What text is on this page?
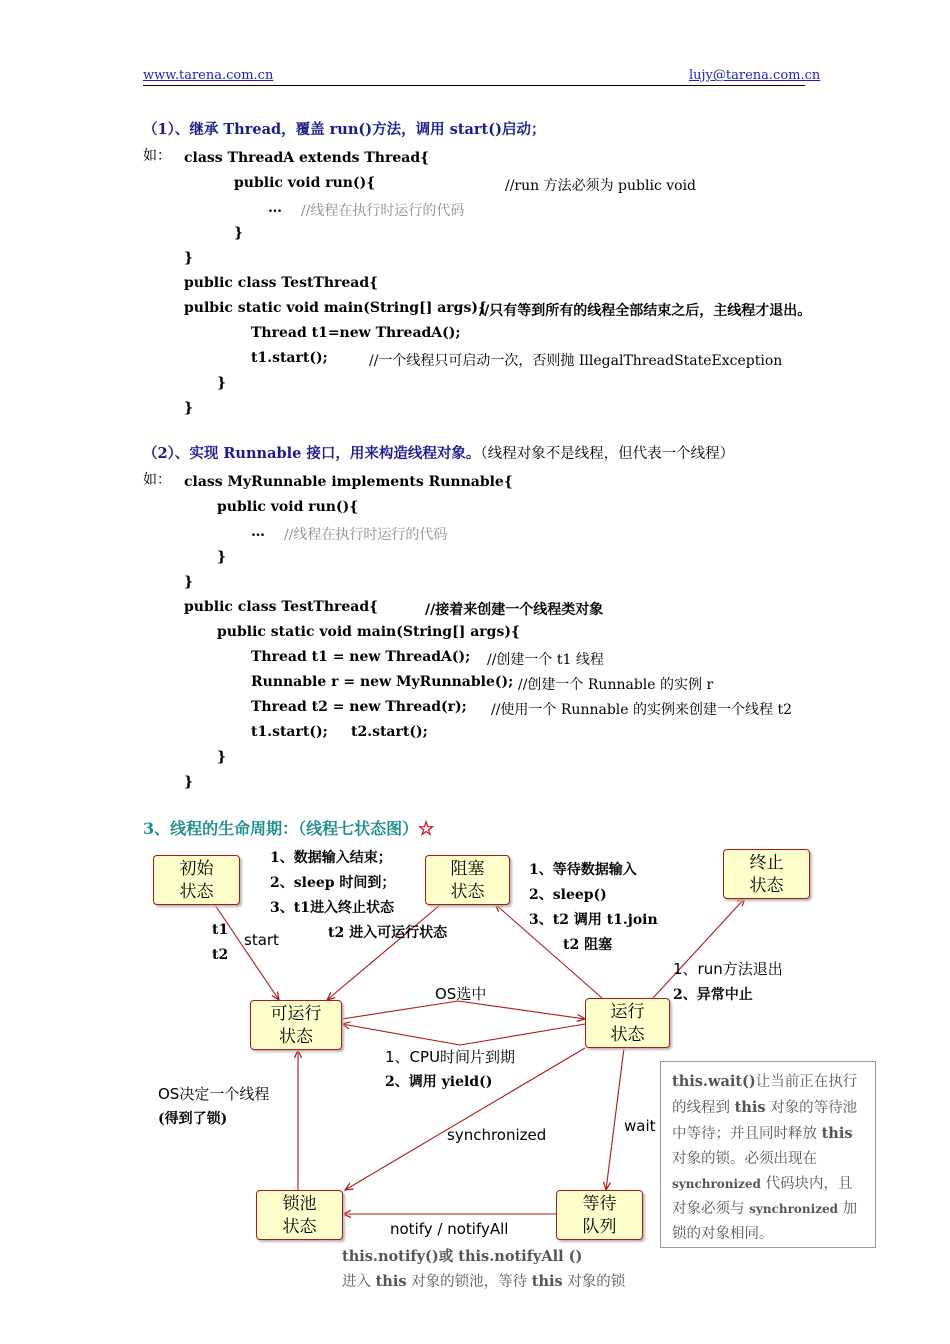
www.tarena.com.cn	lujy@tarena.com.cn
（1）、继承 Thread，覆盖 run()方法，调用 start()启动；
如： class ThreadA extends Thread{
public void run(){	//run 方法必须为 public void
… //线程在执行时运行的代码
}
}
public class TestThread{
pulbic static void main(String[] args){
//只有等到所有的线程全部结束之后，主线程才退出。
Thread t1=new ThreadA();
t1.start();	//一个线程只可启动一次，否则抛 IllegalThreadStateException
}
}
（2）、实现 Runnable 接口，用来构造线程对象。（线程对象不是线程，但代表一个线程）
如： class MyRunnable implements Runnable{
public void run(){
… //线程在执行时运行的代码
}
}
public class TestThread{	//接着来创建一个线程类对象
public static void main(String[] args){
Thread t1 = new ThreadA(); //创建一个 t1 线程
Runnable r = new MyRunnable(); //创建一个 Runnable 的实例 r
Thread t2 = new Thread(r); //使用一个 Runnable 的实例来创建一个线程 t2
t1.start(); t2.start();
}
}
3、线程的生命周期：（线程七状态图）☆
初始
状态
阻塞
状态
终止
状态
可运行
状态
运行
状态
锁池
状态
等待
队列
1、数据输入结束；
2、sleep 时间到；
3、t1进入终止状态
t2 进入可运行状态
1、等待数据输入
2、sleep()
3、t2 调用 t1.join
t2 阻塞
t1
t2
start
1、run方法退出
2、异常中止
OS选中
1、CPU时间片到期
2、调用 yield()
OS决定一个线程
(得到了锁)
synchronized	wait
notify / notifyAll
this.wait()让当前正在执行的线程到 this 对象的等待池中等待；并且同时释放 this 对象的锁。必须出现在 synchronized 代码块内，且对象必须与 synchronized 加锁的对象相同。
this.notify()或 this.notifyAll ()
进入 this 对象的锁池，等待 this 对象的锁
